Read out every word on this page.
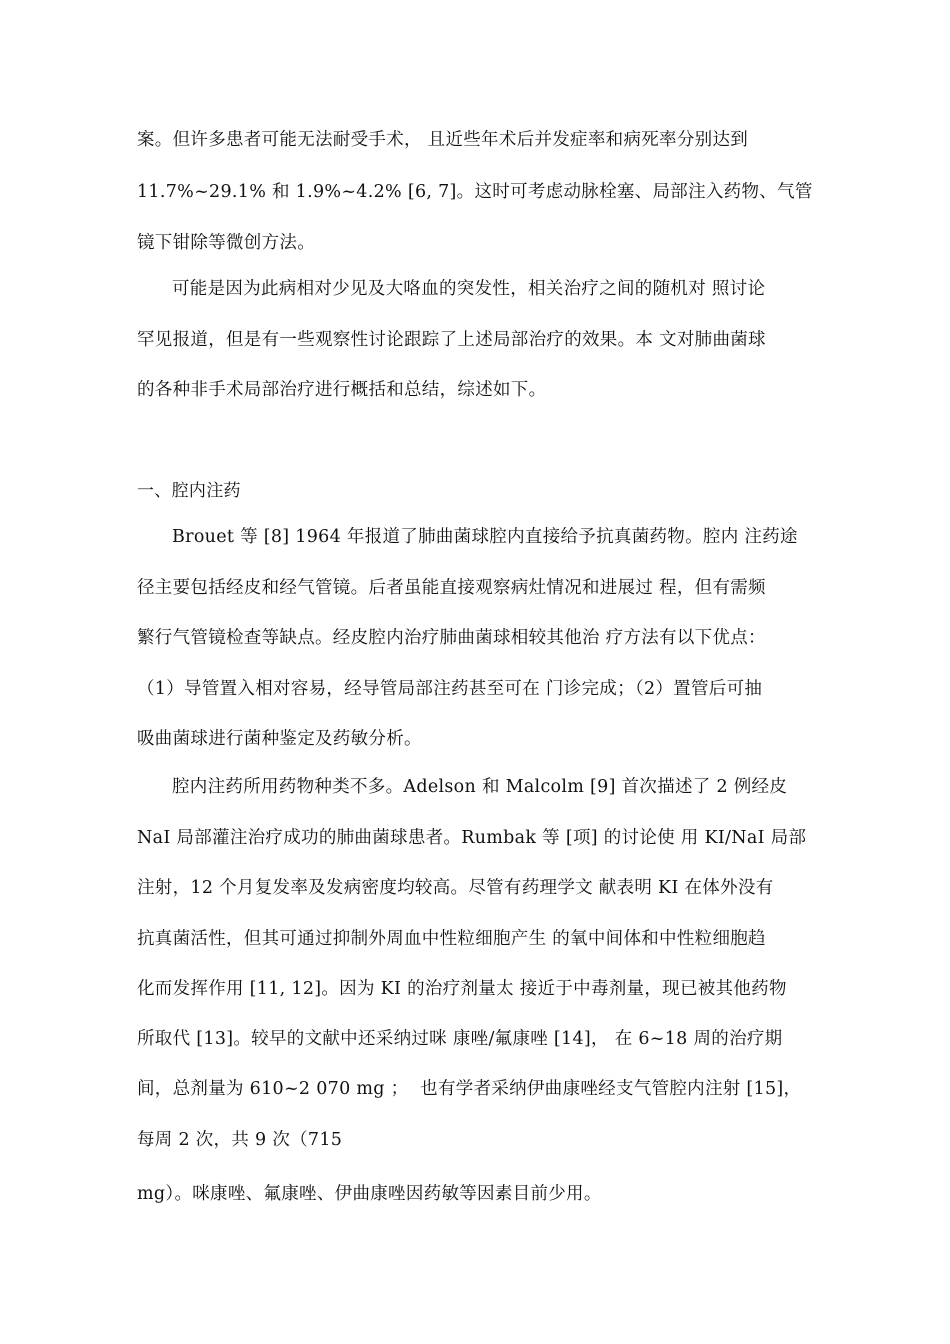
案。但许多患者可能无法耐受手术， 且近些年术后并发症率和病死率分别达到
11.7%~29.1% 和 1.9%~4.2% [6, 7]。这时可考虑动脉栓塞、局部注入药物、气管
镜下钳除等微创方法。
可能是因为此病相对少见及大咯血的突发性，相关治疗之间的随机对 照讨论
罕见报道，但是有一些观察性讨论跟踪了上述局部治疗的效果。本 文对肺曲菌球
的各种非手术局部治疗进行概括和总结，综述如下。
一、腔内注药
Brouet 等 [8] 1964 年报道了肺曲菌球腔内直接给予抗真菌药物。腔内 注药途
径主要包括经皮和经气管镜。后者虽能直接观察病灶情况和进展过 程，但有需频
繁行气管镜检查等缺点。经皮腔内治疗肺曲菌球相较其他治 疗方法有以下优点：
（1）导管置入相对容易，经导管局部注药甚至可在 门诊完成；（2）置管后可抽
吸曲菌球进行菌种鉴定及药敏分析。
腔内注药所用药物种类不多。Adelson 和 Malcolm [9] 首次描述了 2 例经皮
NaI 局部灌注治疗成功的肺曲菌球患者。Rumbak 等 [项] 的讨论使 用 KI/NaI 局部
注射，12 个月复发率及发病密度均较高。尽管有药理学文 献表明 KI 在体外没有
抗真菌活性，但其可通过抑制外周血中性粒细胞产生 的氧中间体和中性粒细胞趋
化而发挥作用 [11, 12]。因为 KI 的治疗剂量太 接近于中毒剂量，现已被其他药物
所取代 [13]。较早的文献中还采纳过咪 康唑/氟康唑 [14]， 在 6~18 周的治疗期
间，总剂量为 610~2 070 mg ；  也有学者采纳伊曲康唑经支气管腔内注射 [15]，
每周 2 次，共 9 次（715
mg）。咪康唑、氟康唑、伊曲康唑因药敏等因素目前少用。
